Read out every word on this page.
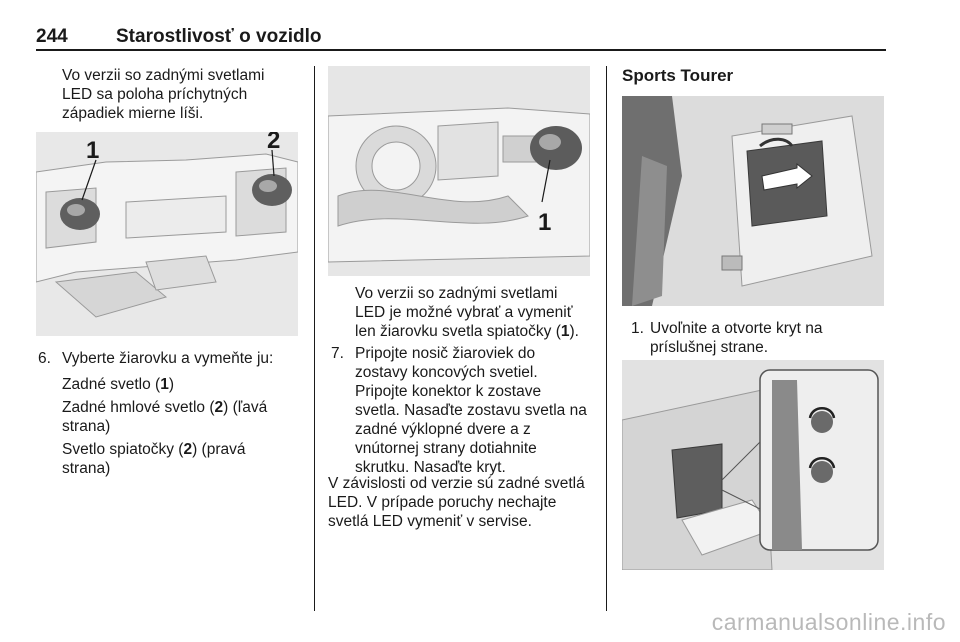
244	Starostlivosť o vozidlo

Vo verzii so zadnými svetlami

LED sa poloha príchytných

západiek mierne líši.

1	2

6. Vyberte žiarovku a vymeňte ju:

Zadné svetlo (1)

Zadné hmlové svetlo (2) (ľavá

strana)

Svetlo spiatočky (2) (pravá

strana)

1

Vo verzii so zadnými svetlami

LED je možné vybrať a vymeniť

len žiarovku svetla spiatočky (1).

7. Pripojte nosič žiaroviek do

zostavy koncových svetiel.

Pripojte konektor k zostave

svetla. Nasaďte zostavu svetla na

zadné výklopné dvere a z

vnútornej strany dotiahnite

skrutku. Nasaďte kryt.

V závislosti od verzie sú zadné svetlá

LED. V prípade poruchy nechajte

svetlá LED vymeniť v servise.

Sports Tourer

1. Uvoľnite a otvorte kryt na

príslušnej strane.

carmanualsonline.info
